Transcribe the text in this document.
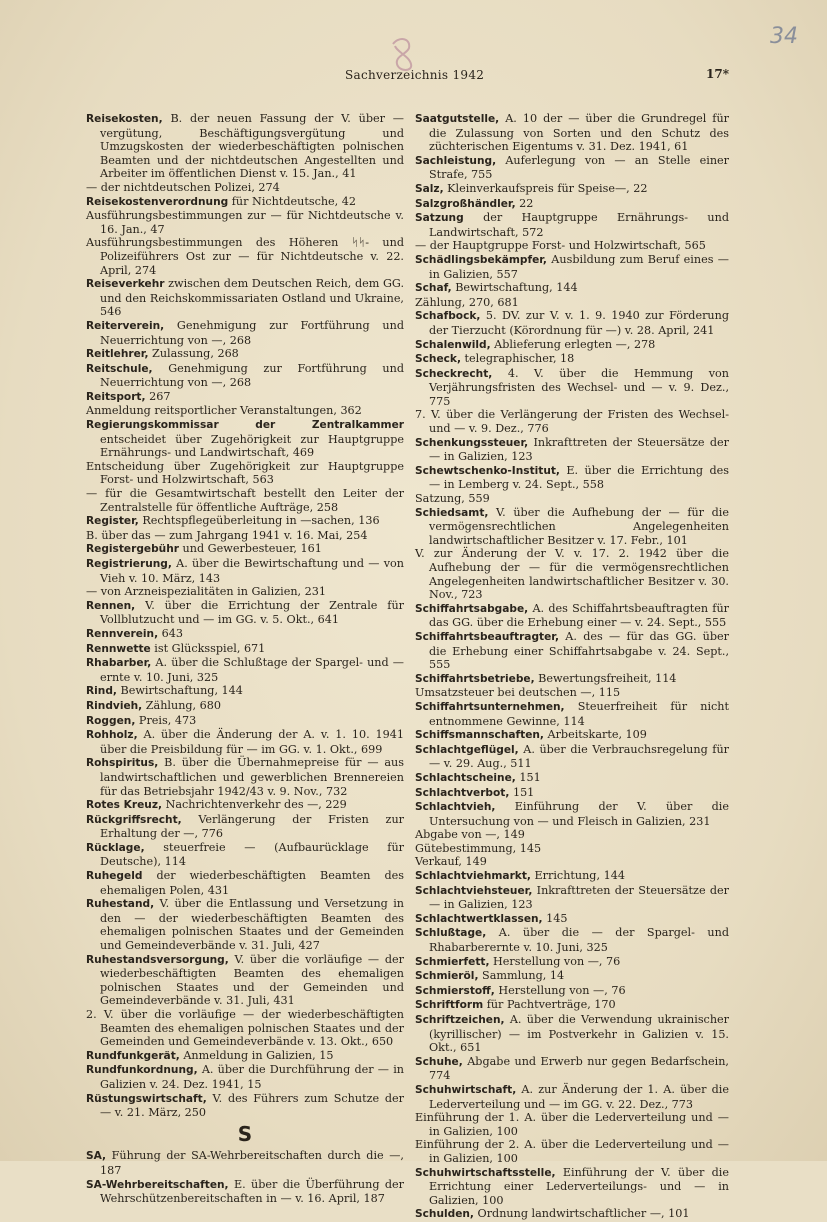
34
Sachverzeichnis 1942	17*
Reisekosten, B. der neuen Fassung der V. über —vergütung, Beschäftigungsvergütung und Umzugskosten der wiederbeschäftigten polnischen Beamten und der nichtdeutschen Angestellten und Arbeiter im öffentlichen Dienst v. 15. Jan., 41
— der nichtdeutschen Polizei, 274
Reisekostenverordnung für Nichtdeutsche, 42
Ausführungsbestimmungen zur — für Nichtdeutsche v. 16. Jan., 47
Ausführungsbestimmungen des Höheren ᛋᛋ- und Polizeiführers Ost zur — für Nichtdeutsche v. 22. April, 274
Reiseverkehr zwischen dem Deutschen Reich, dem GG. und den Reichskommissariaten Ostland und Ukraine, 546
Reiterverein, Genehmigung zur Fortführung und Neuerrichtung von —, 268
Reitlehrer, Zulassung, 268
Reitschule, Genehmigung zur Fortführung und Neuerrichtung von —, 268
Reitsport, 267
Anmeldung reitsportlicher Veranstaltungen, 362
Regierungskommissar der Zentralkammer entscheidet über Zugehörigkeit zur Hauptgruppe Ernährungs- und Landwirtschaft, 469
Entscheidung über Zugehörigkeit zur Hauptgruppe Forst- und Holzwirtschaft, 563
— für die Gesamtwirtschaft bestellt den Leiter der Zentralstelle für öffentliche Aufträge, 258
Register, Rechtspflegeüberleitung in —sachen, 136
B. über das — zum Jahrgang 1941 v. 16. Mai, 254
Registergebühr und Gewerbesteuer, 161
Registrierung, A. über die Bewirtschaftung und — von Vieh v. 10. März, 143
— von Arzneispezialitäten in Galizien, 231
Rennen, V. über die Errichtung der Zentrale für Vollblutzucht und — im GG. v. 5. Okt., 641
Rennverein, 643
Rennwette ist Glücksspiel, 671
Rhabarber, A. über die Schlußtage der Spargel- und —ernte v. 10. Juni, 325
Rind, Bewirtschaftung, 144
Rindvieh, Zählung, 680
Roggen, Preis, 473
Rohholz, A. über die Änderung der A. v. 1. 10. 1941 über die Preisbildung für — im GG. v. 1. Okt., 699
Rohspiritus, B. über die Übernahmepreise für — aus landwirtschaftlichen und gewerblichen Brennereien für das Betriebsjahr 1942/43 v. 9. Nov., 732
Rotes Kreuz, Nachrichtenverkehr des —, 229
Rückgriffsrecht, Verlängerung der Fristen zur Erhaltung der —, 776
Rücklage, steuerfreie — (Aufbaurücklage für Deutsche), 114
Ruhegeld der wiederbeschäftigten Beamten des ehemaligen Polen, 431
Ruhestand, V. über die Entlassung und Versetzung in den — der wiederbeschäftigten Beamten des ehemaligen polnischen Staates und der Gemeinden und Gemeindeverbände v. 31. Juli, 427
Ruhestandsversorgung, V. über die vorläufige — der wiederbeschäftigten Beamten des ehemaligen polnischen Staates und der Gemeinden und Gemeindeverbände v. 31. Juli, 431
2. V. über die vorläufige — der wiederbeschäftigten Beamten des ehemaligen polnischen Staates und der Gemeinden und Gemeindeverbände v. 13. Okt., 650
Rundfunkgerät, Anmeldung in Galizien, 15
Rundfunkordnung, A. über die Durchführung der — in Galizien v. 24. Dez. 1941, 15
Rüstungswirtschaft, V. des Führers zum Schutze der — v. 21. März, 250
S
SA, Führung der SA-Wehrbereitschaften durch die —, 187
SA-Wehrbereitschaften, E. über die Überführung der Wehrschützenbereitschaften in — v. 16. April, 187
Saatgutstelle, A. 10 der — über die Grundregel für die Zulassung von Sorten und den Schutz des züchterischen Eigentums v. 31. Dez. 1941, 61
Sachleistung, Auferlegung von — an Stelle einer Strafe, 755
Salz, Kleinverkaufspreis für Speise—, 22
Salzgroßhändler, 22
Satzung der Hauptgruppe Ernährungs- und Landwirtschaft, 572
— der Hauptgruppe Forst- und Holzwirtschaft, 565
Schädlingsbekämpfer, Ausbildung zum Beruf eines — in Galizien, 557
Schaf, Bewirtschaftung, 144
Zählung, 270, 681
Schafbock, 5. DV. zur V. v. 1. 9. 1940 zur Förderung der Tierzucht (Körordnung für —) v. 28. April, 241
Schalenwild, Ablieferung erlegten —, 278
Scheck, telegraphischer, 18
Scheckrecht, 4. V. über die Hemmung von Verjährungsfristen des Wechsel- und — v. 9. Dez., 775
7. V. über die Verlängerung der Fristen des Wechsel- und — v. 9. Dez., 776
Schenkungssteuer, Inkrafttreten der Steuersätze der — in Galizien, 123
Schewtschenko-Institut, E. über die Errichtung des — in Lemberg v. 24. Sept., 558
Satzung, 559
Schiedsamt, V. über die Aufhebung der — für die vermögensrechtlichen Angelegenheiten landwirtschaftlicher Besitzer v. 17. Febr., 101
V. zur Änderung der V. v. 17. 2. 1942 über die Aufhebung der — für die vermögensrechtlichen Angelegenheiten landwirtschaftlicher Besitzer v. 30. Nov., 723
Schiffahrtsabgabe, A. des Schiffahrtsbeauftragten für das GG. über die Erhebung einer — v. 24. Sept., 555
Schiffahrtsbeauftragter, A. des — für das GG. über die Erhebung einer Schiffahrtsabgabe v. 24. Sept., 555
Schiffahrtsbetriebe, Bewertungsfreiheit, 114
Umsatzsteuer bei deutschen —, 115
Schiffahrtsunternehmen, Steuerfreiheit für nicht entnommene Gewinne, 114
Schiffsmannschaften, Arbeitskarte, 109
Schlachtgeflügel, A. über die Verbrauchsregelung für — v. 29. Aug., 511
Schlachtscheine, 151
Schlachtverbot, 151
Schlachtvieh, Einführung der V. über die Untersuchung von — und Fleisch in Galizien, 231
Abgabe von —, 149
Gütebestimmung, 145
Verkauf, 149
Schlachtviehmarkt, Errichtung, 144
Schlachtviehsteuer, Inkrafttreten der Steuersätze der — in Galizien, 123
Schlachtwertklassen, 145
Schlußtage, A. über die — der Spargel- und Rhabarberernte v. 10. Juni, 325
Schmierfett, Herstellung von —, 76
Schmieröl, Sammlung, 14
Schmierstoff, Herstellung von —, 76
Schriftform für Pachtverträge, 170
Schriftzeichen, A. über die Verwendung ukrainischer (kyrillischer) — im Postverkehr in Galizien v. 15. Okt., 651
Schuhe, Abgabe und Erwerb nur gegen Bedarfschein, 774
Schuhwirtschaft, A. zur Änderung der 1. A. über die Lederverteilung und — im GG. v. 22. Dez., 773
Einführung der 1. A. über die Lederverteilung und — in Galizien, 100
Einführung der 2. A. über die Lederverteilung und — in Galizien, 100
Schuhwirtschaftsstelle, Einführung der V. über die Errichtung einer Lederverteilungs- und — in Galizien, 100
Schulden, Ordnung landwirtschaftlicher —, 101
